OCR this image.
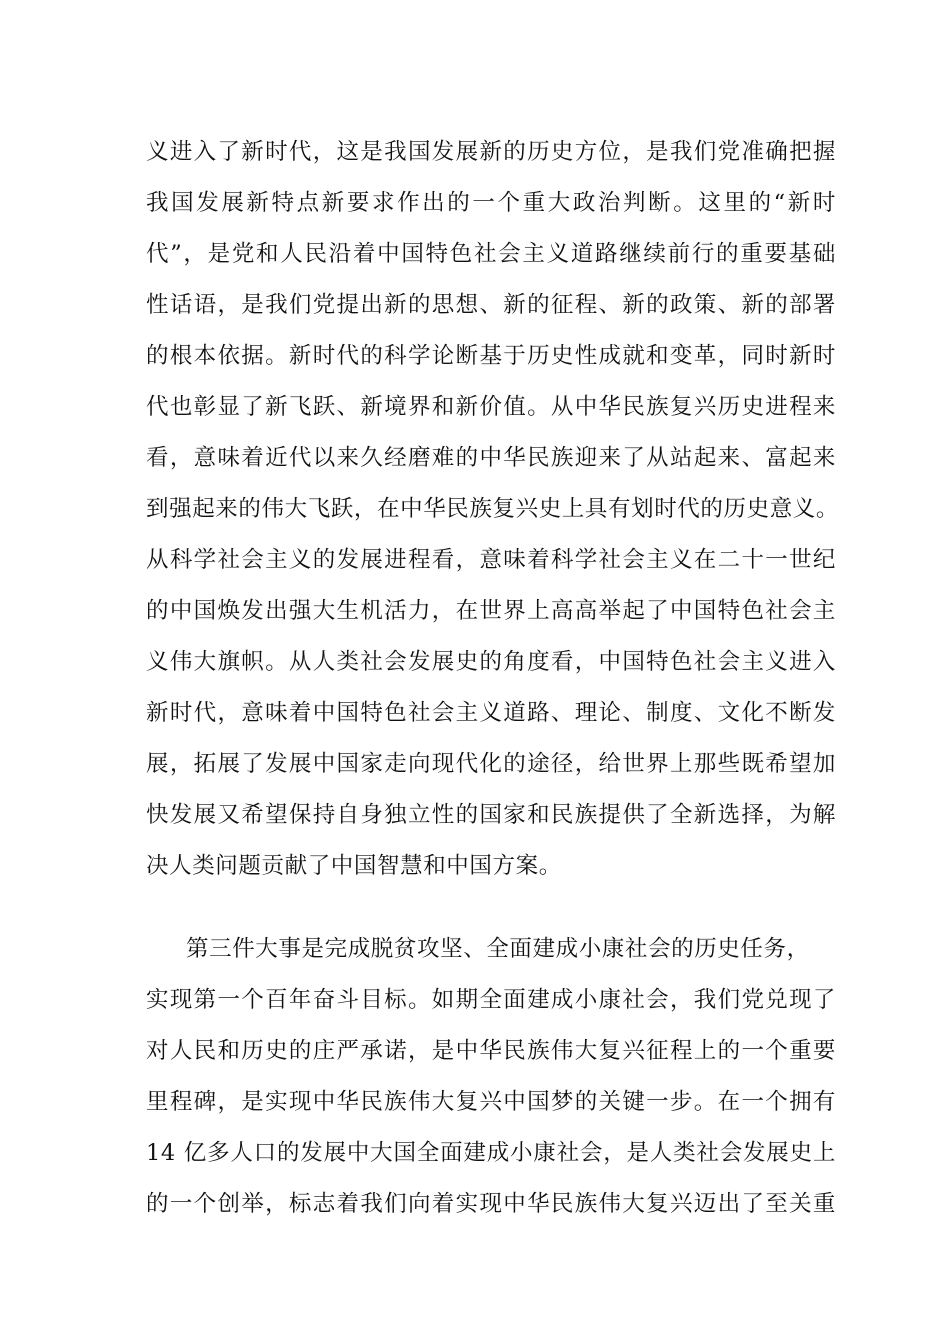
义进入了新时代，这是我国发展新的历史方位，是我们党准确把握
我国发展新特点新要求作出的一个重大政治判断。这里的“新时
代”，是党和人民沿着中国特色社会主义道路继续前行的重要基础
性话语，是我们党提出新的思想、新的征程、新的政策、新的部署
的根本依据。新时代的科学论断基于历史性成就和变革，同时新时
代也彰显了新飞跃、新境界和新价值。从中华民族复兴历史进程来
看，意味着近代以来久经磨难的中华民族迎来了从站起来、富起来
到强起来的伟大飞跃，在中华民族复兴史上具有划时代的历史意义。
从科学社会主义的发展进程看，意味着科学社会主义在二十一世纪
的中国焕发出强大生机活力，在世界上高高举起了中国特色社会主
义伟大旗帜。从人类社会发展史的角度看，中国特色社会主义进入
新时代，意味着中国特色社会主义道路、理论、制度、文化不断发
展，拓展了发展中国家走向现代化的途径，给世界上那些既希望加
快发展又希望保持自身独立性的国家和民族提供了全新选择，为解
决人类问题贡献了中国智慧和中国方案。
第三件大事是完成脱贫攻坚、全面建成小康社会的历史任务，
实现第一个百年奋斗目标。如期全面建成小康社会，我们党兑现了
对人民和历史的庄严承诺，是中华民族伟大复兴征程上的一个重要
里程碑，是实现中华民族伟大复兴中国梦的关键一步。在一个拥有
14 亿多人口的发展中大国全面建成小康社会，是人类社会发展史上
的一个创举，标志着我们向着实现中华民族伟大复兴迈出了至关重
